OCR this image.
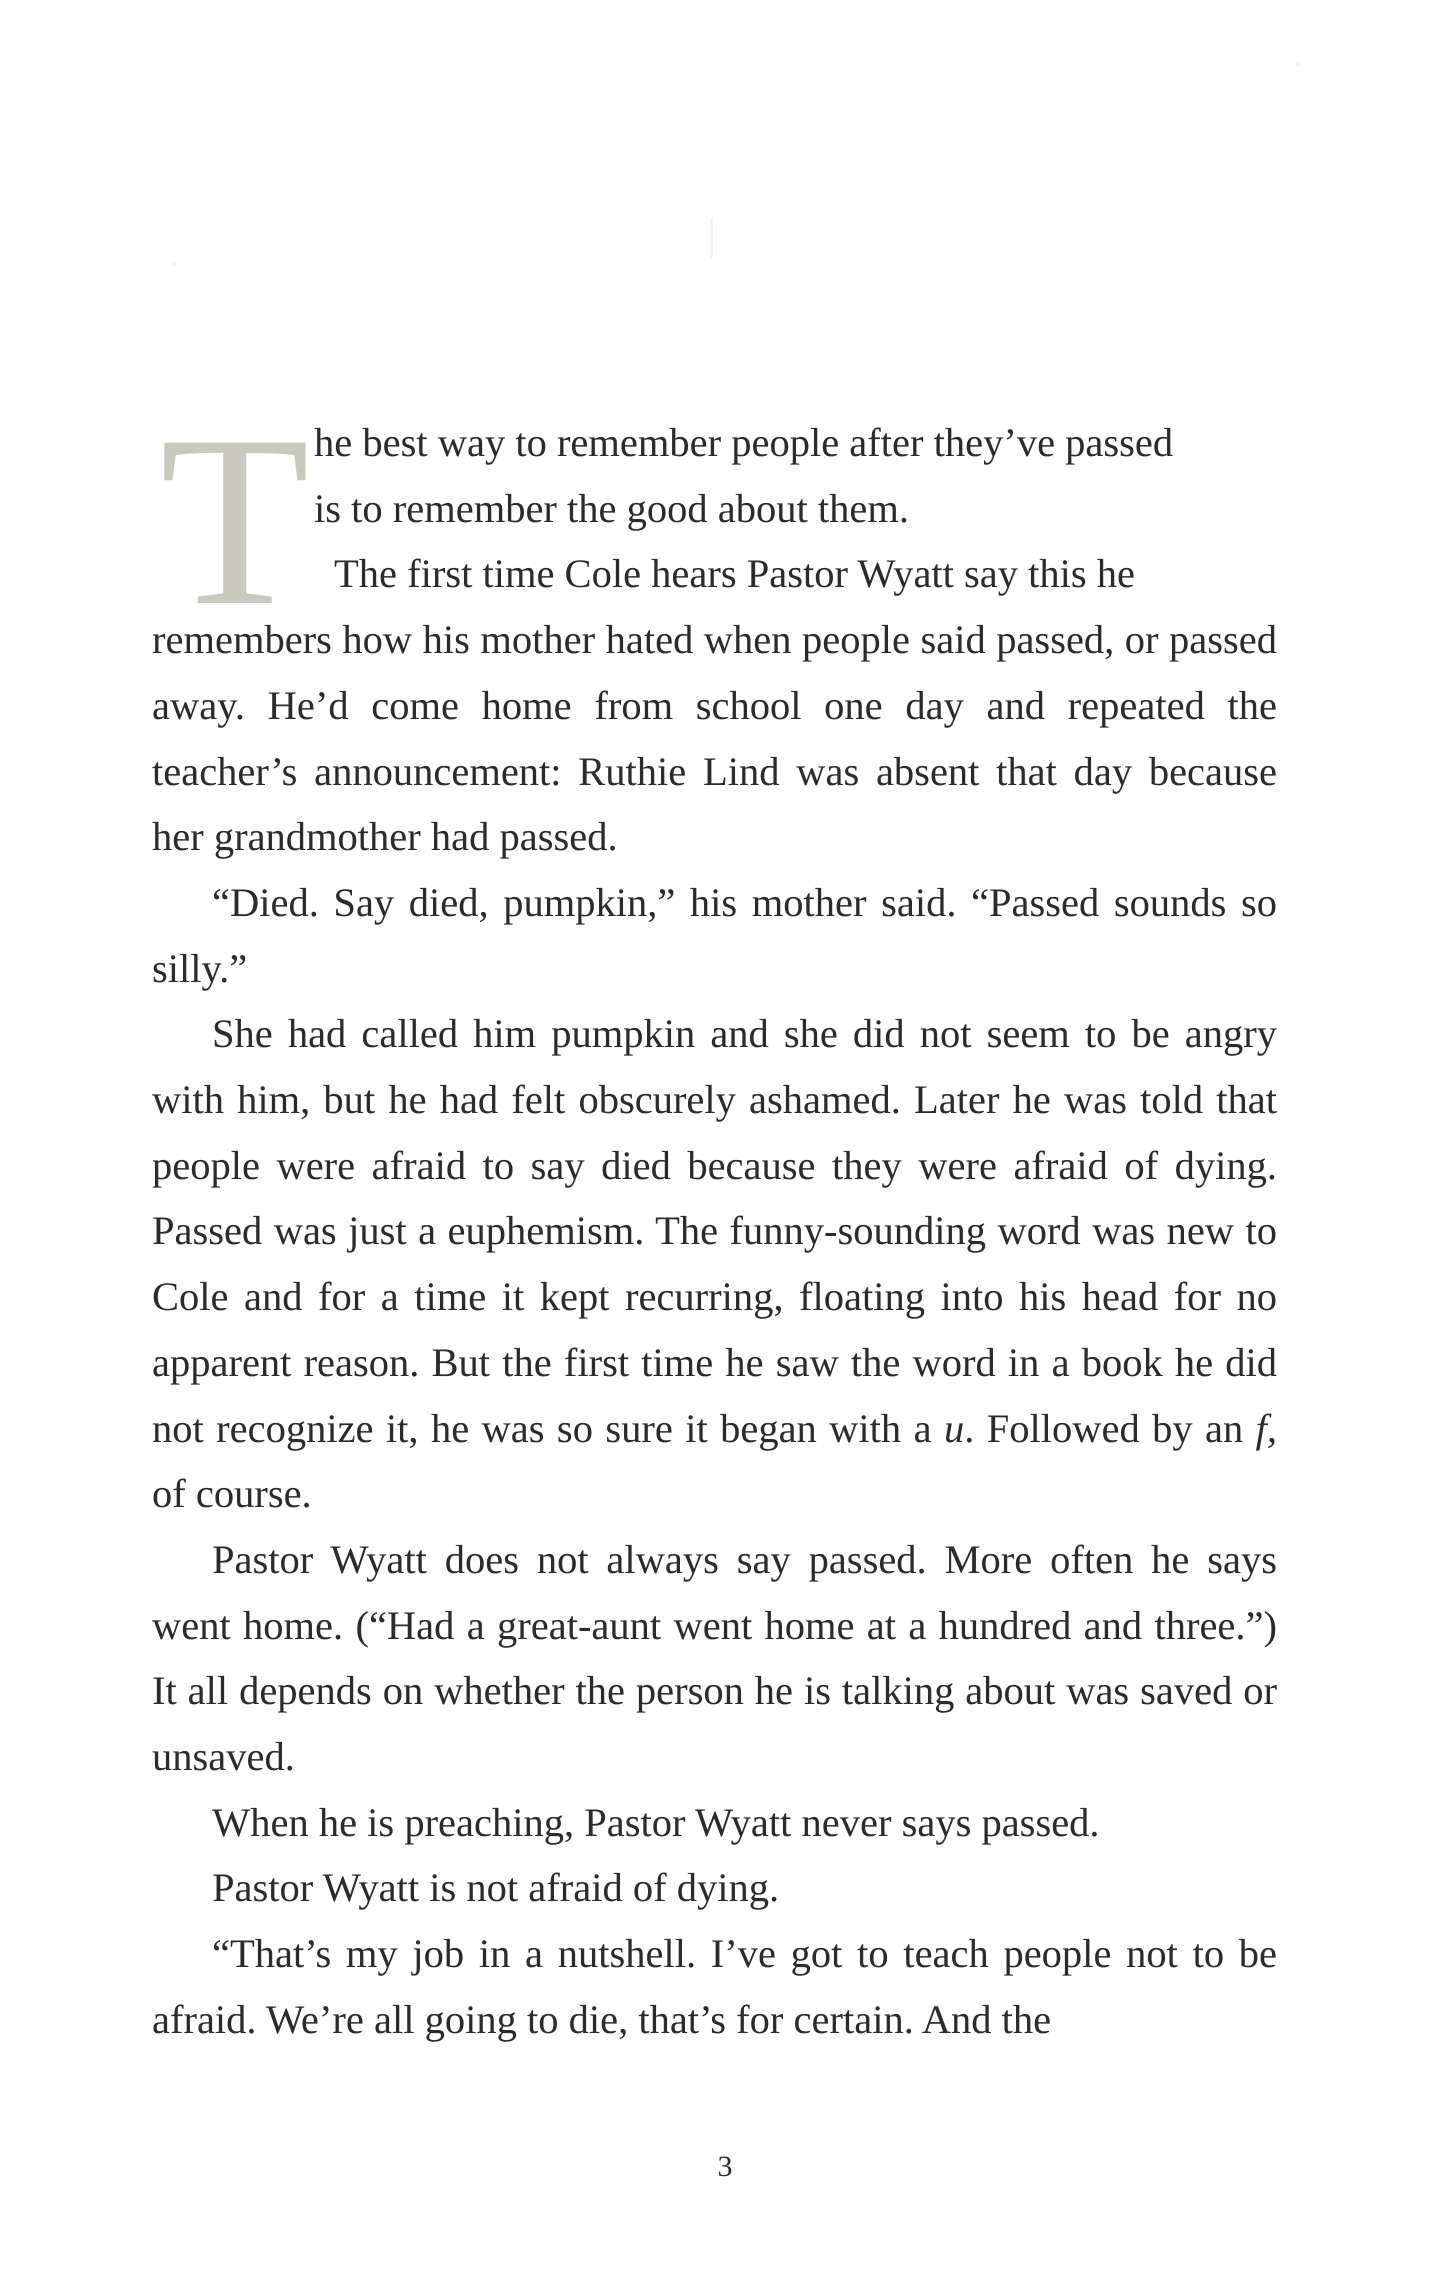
T he best way to remember people after they’ve passed
is to remember the good about them.

The first time Cole hears Pastor Wyatt say this he
remembers how his mother hated when people said passed, or passed away. He’d come home from school one day and repeated the teacher’s announcement: Ruthie Lind was absent that day because her grandmother had passed.

“Died. Say died, pumpkin,” his mother said. “Passed sounds so silly.”

She had called him pumpkin and she did not seem to be angry with him, but he had felt obscurely ashamed. Later he was told that people were afraid to say died because they were afraid of dying. Passed was just a euphemism. The funny-sounding word was new to Cole and for a time it kept recurring, floating into his head for no apparent reason. But the first time he saw the word in a book he did not recognize it, he was so sure it began with a u. Followed by an f, of course.

Pastor Wyatt does not always say passed. More often he says went home. (“Had a great-aunt went home at a hundred and three.”) It all depends on whether the person he is talking about was saved or unsaved.

When he is preaching, Pastor Wyatt never says passed.

Pastor Wyatt is not afraid of dying.

“That’s my job in a nutshell. I’ve got to teach people not to be afraid. We’re all going to die, that’s for certain. And the

3
